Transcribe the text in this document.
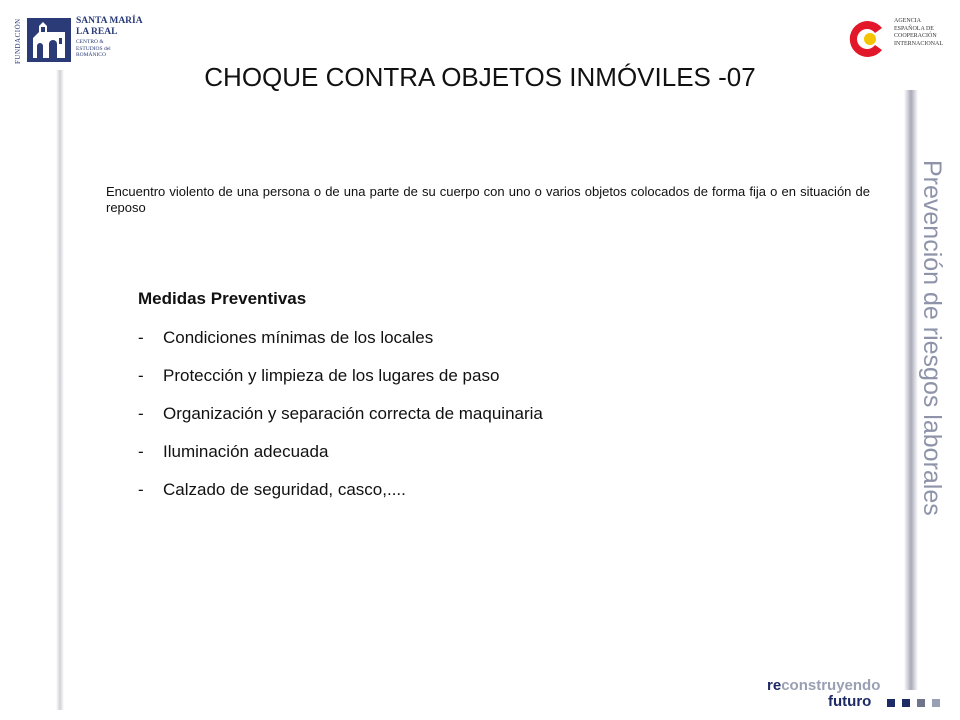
FUNDACIÓN	SANTA MARÍA
LA REAL
CENTRO &
ESTUDIOS del
ROMÁNICO
AGENCIA
ESPAÑOLA DE
COOPERACIÓN
INTERNACIONAL
CHOQUE CONTRA OBJETOS INMÓVILES -07
Encuentro violento de una persona o de una parte de su cuerpo con uno o varios objetos colocados de forma fija o en situación de reposo
Medidas Preventivas
- Condiciones mínimas de los locales
- Protección y limpieza de los lugares de paso
- Organización y separación correcta de maquinaria
- Iluminación adecuada
- Calzado de seguridad, casco,....	Prevención de riesgos laborales
reconstruyendo
futuro
